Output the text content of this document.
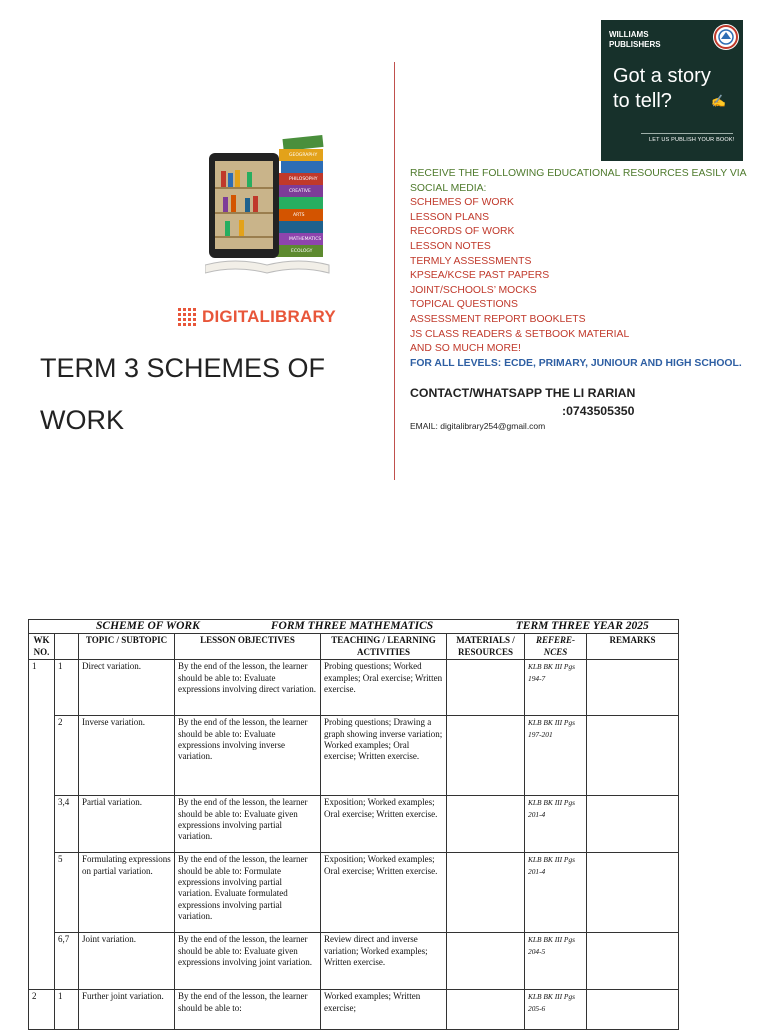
GEOGRAPHY
PHILOSOPHY
CREATIVE
ARTS
MATHEMATICS
ECOLOGY
DIGITALIBRARY
TERM 3 SCHEMES OF
WORK
WILLIAMS
PUBLISHERS
Got a story
to tell?	✍
LET US PUBLISH YOUR BOOK!
RECEIVE THE FOLLOWING EDUCATIONAL RESOURCES EASILY VIA SOCIAL MEDIA:
SCHEMES OF WORK
LESSON PLANS
RECORDS OF WORK
LESSON NOTES
TERMLY ASSESSMENTS
KPSEA/KCSE PAST PAPERS
JOINT/SCHOOLS’ MOCKS
TOPICAL QUESTIONS
ASSESSMENT REPORT BOOKLETS
JS CLASS READERS & SETBOOK MATERIAL
AND SO MUCH MORE!
FOR ALL LEVELS: ECDE, PRIMARY, JUNIOUR AND HIGH SCHOOL.
CONTACT/WHATSAPP THE LI RARIAN
:0743505350
EMAIL: digitalibrary254@gmail.com
SCHEME OF WORK FORM THREE MATHEMATICS TERM THREE YEAR 2025							
WK NO.		TOPIC / SUBTOPIC	LESSON OBJECTIVES	TEACHING / LEARNING ACTIVITIES	MATERIALS / RESOURCES	REFERE-NCES	REMARKS
1	1	Direct variation.	By the end of the lesson, the learner should be able to: Evaluate expressions involving direct variation.	Probing questions; Worked examples; Oral exercise; Written exercise.		KLB BK III Pgs 194-7	
	2	Inverse variation.	By the end of the lesson, the learner should be able to: Evaluate expressions involving inverse variation.	Probing questions; Drawing a graph showing inverse variation; Worked examples; Oral exercise; Written exercise.		KLB BK III Pgs 197-201	
	3,4	Partial variation.	By the end of the lesson, the learner should be able to: Evaluate given expressions involving partial variation.	Exposition; Worked examples; Oral exercise; Written exercise.		KLB BK III Pgs 201-4	
	5	Formulating expressions on partial variation.	By the end of the lesson, the learner should be able to: Formulate expressions involving partial variation. Evaluate formulated expressions involving partial variation.	Exposition; Worked examples; Oral exercise; Written exercise.		KLB BK III Pgs 201-4	
	6,7	Joint variation.	By the end of the lesson, the learner should be able to: Evaluate given expressions involving joint variation.	Review direct and inverse variation; Worked examples; Written exercise.		KLB BK III Pgs 204-5	
2	1	Further joint variation.	By the end of the lesson, the learner should be able to:	Worked examples; Written exercise;		KLB BK III Pgs 205-6	
